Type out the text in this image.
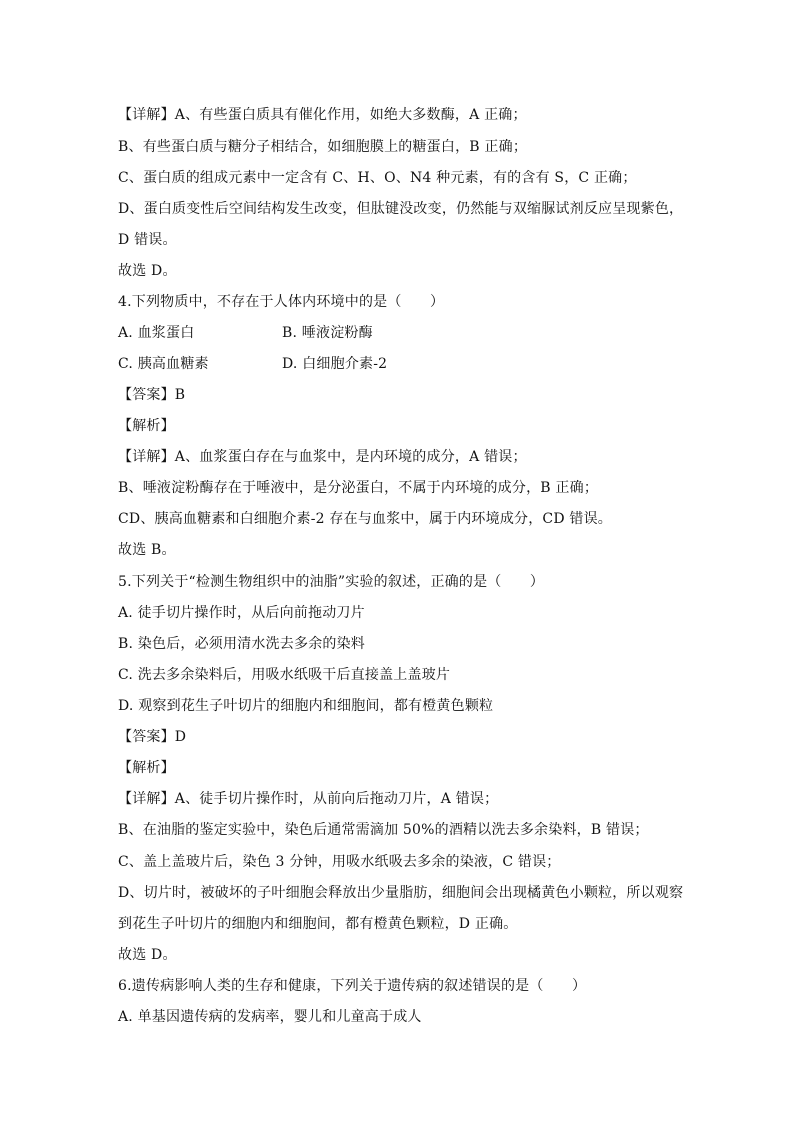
【详解】A、有些蛋白质具有催化作用，如绝大多数酶，A 正确；
B、有些蛋白质与糖分子相结合，如细胞膜上的糖蛋白，B 正确；
C、蛋白质的组成元素中一定含有 C、H、O、N4 种元素，有的含有 S，C 正确；
D、蛋白质变性后空间结构发生改变，但肽键没改变，仍然能与双缩脲试剂反应呈现紫色，
D 错误。
故选 D。
4.下列物质中，不存在于人体内环境中的是（　　）
A. 血浆蛋白	B. 唾液淀粉酶
C. 胰高血糖素	D. 白细胞介素-2
【答案】B
【解析】
【详解】A、血浆蛋白存在与血浆中，是内环境的成分，A 错误；
B、唾液淀粉酶存在于唾液中，是分泌蛋白，不属于内环境的成分，B 正确；
CD、胰高血糖素和白细胞介素-2 存在与血浆中，属于内环境成分，CD 错误。
故选 B。
5.下列关于“检测生物组织中的油脂”实验的叙述，正确的是（　　）
A. 徒手切片操作时，从后向前拖动刀片
B. 染色后，必须用清水洗去多余的染料
C. 洗去多余染料后，用吸水纸吸干后直接盖上盖玻片
D. 观察到花生子叶切片的细胞内和细胞间，都有橙黄色颗粒
【答案】D
【解析】
【详解】A、徒手切片操作时，从前向后拖动刀片，A 错误；
B、在油脂的鉴定实验中，染色后通常需滴加 50%的酒精以洗去多余染料，B 错误；
C、盖上盖玻片后，染色 3 分钟，用吸水纸吸去多余的染液，C 错误；
D、切片时，被破坏的子叶细胞会释放出少量脂肪，细胞间会出现橘黄色小颗粒，所以观察
到花生子叶切片的细胞内和细胞间，都有橙黄色颗粒，D 正确。
故选 D。
6.遗传病影响人类的生存和健康，下列关于遗传病的叙述错误的是（　　）
A. 单基因遗传病的发病率，婴儿和儿童高于成人
